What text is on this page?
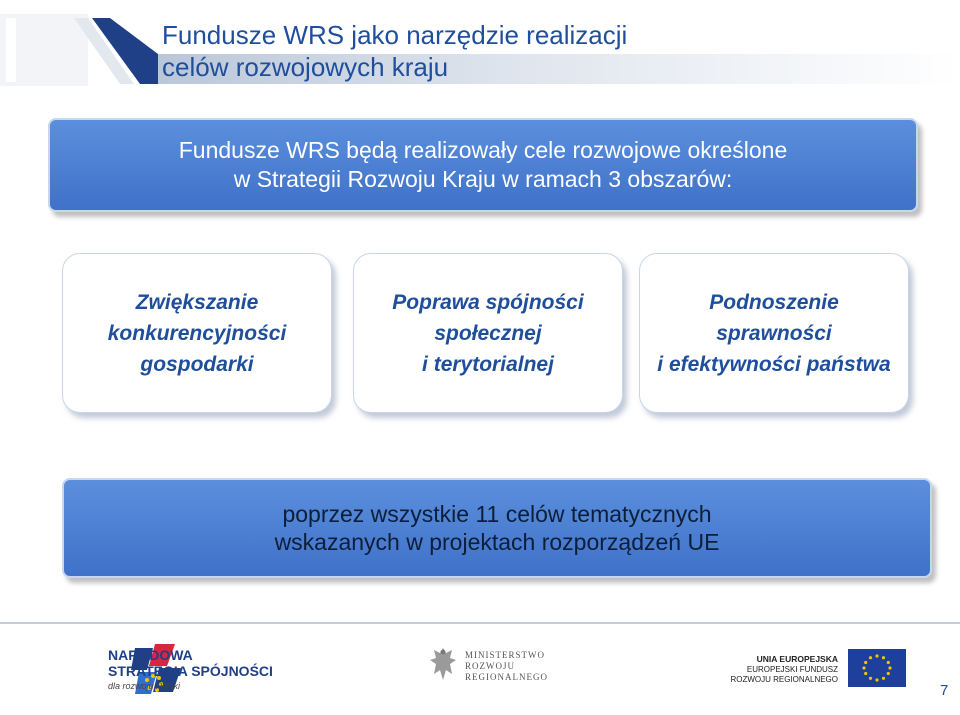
Fundusze WRS jako narzędzie realizacji
celów rozwojowych kraju
Fundusze WRS będą realizowały cele rozwojowe określone
w Strategii Rozwoju Kraju w ramach 3 obszarów:
Zwiększanie
konkurencyjności
gospodarki
Poprawa spójności
społecznej
i terytorialnej
Podnoszenie
sprawności
i efektywności państwa
poprzez wszystkie 11 celów tematycznych
wskazanych w projektach rozporządzeń UE
NARODOWA
STRATEGIA SPÓJNOŚCI
dla rozwoju Polski
MINISTERSTWO
ROZWOJU
REGIONALNEGO
UNIA EUROPEJSKA
EUROPEJSKI FUNDUSZ
ROZWOJU REGIONALNEGO
7
